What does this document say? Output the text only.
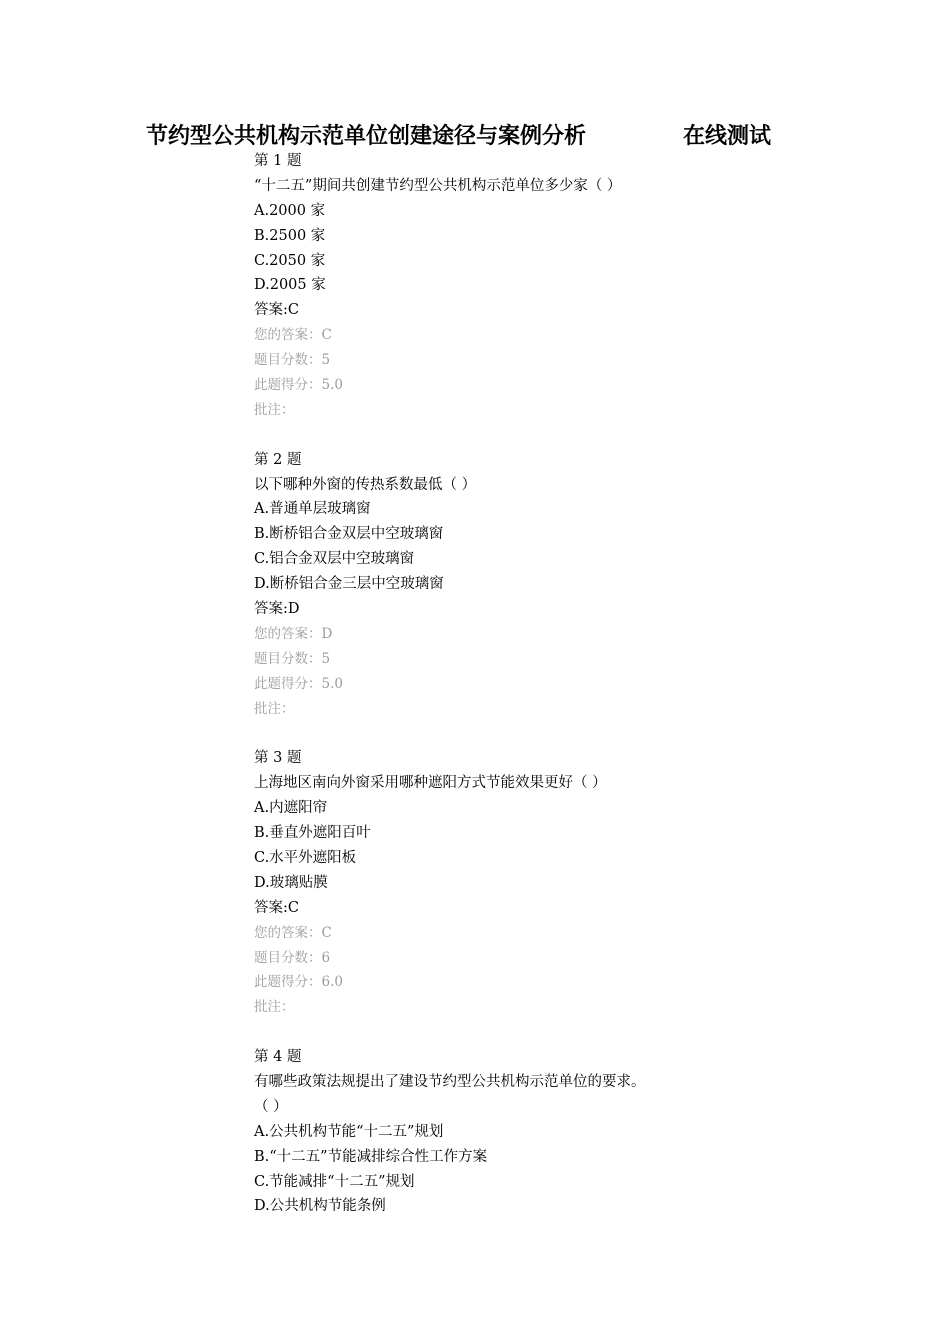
节约型公共机构示范单位创建途径与案例分析	在线测试
第 1 题
“十二五”期间共创建节约型公共机构示范单位多少家（ ）
A.2000 家
B.2500 家
C.2050 家
D.2005 家
答案:C
您的答案：C
题目分数：5
此题得分：5.0
批注：
第 2 题
以下哪种外窗的传热系数最低（ ）
A.普通单层玻璃窗
B.断桥铝合金双层中空玻璃窗
C.铝合金双层中空玻璃窗
D.断桥铝合金三层中空玻璃窗
答案:D
您的答案：D
题目分数：5
此题得分：5.0
批注：
第 3 题
上海地区南向外窗采用哪种遮阳方式节能效果更好（ ）
A.内遮阳帘
B.垂直外遮阳百叶
C.水平外遮阳板
D.玻璃贴膜
答案:C
您的答案：C
题目分数：6
此题得分：6.0
批注：
第 4 题
有哪些政策法规提出了建设节约型公共机构示范单位的要求。
（ ）
A.公共机构节能“十二五”规划
B.“十二五”节能减排综合性工作方案
C.节能减排“十二五”规划
D.公共机构节能条例
